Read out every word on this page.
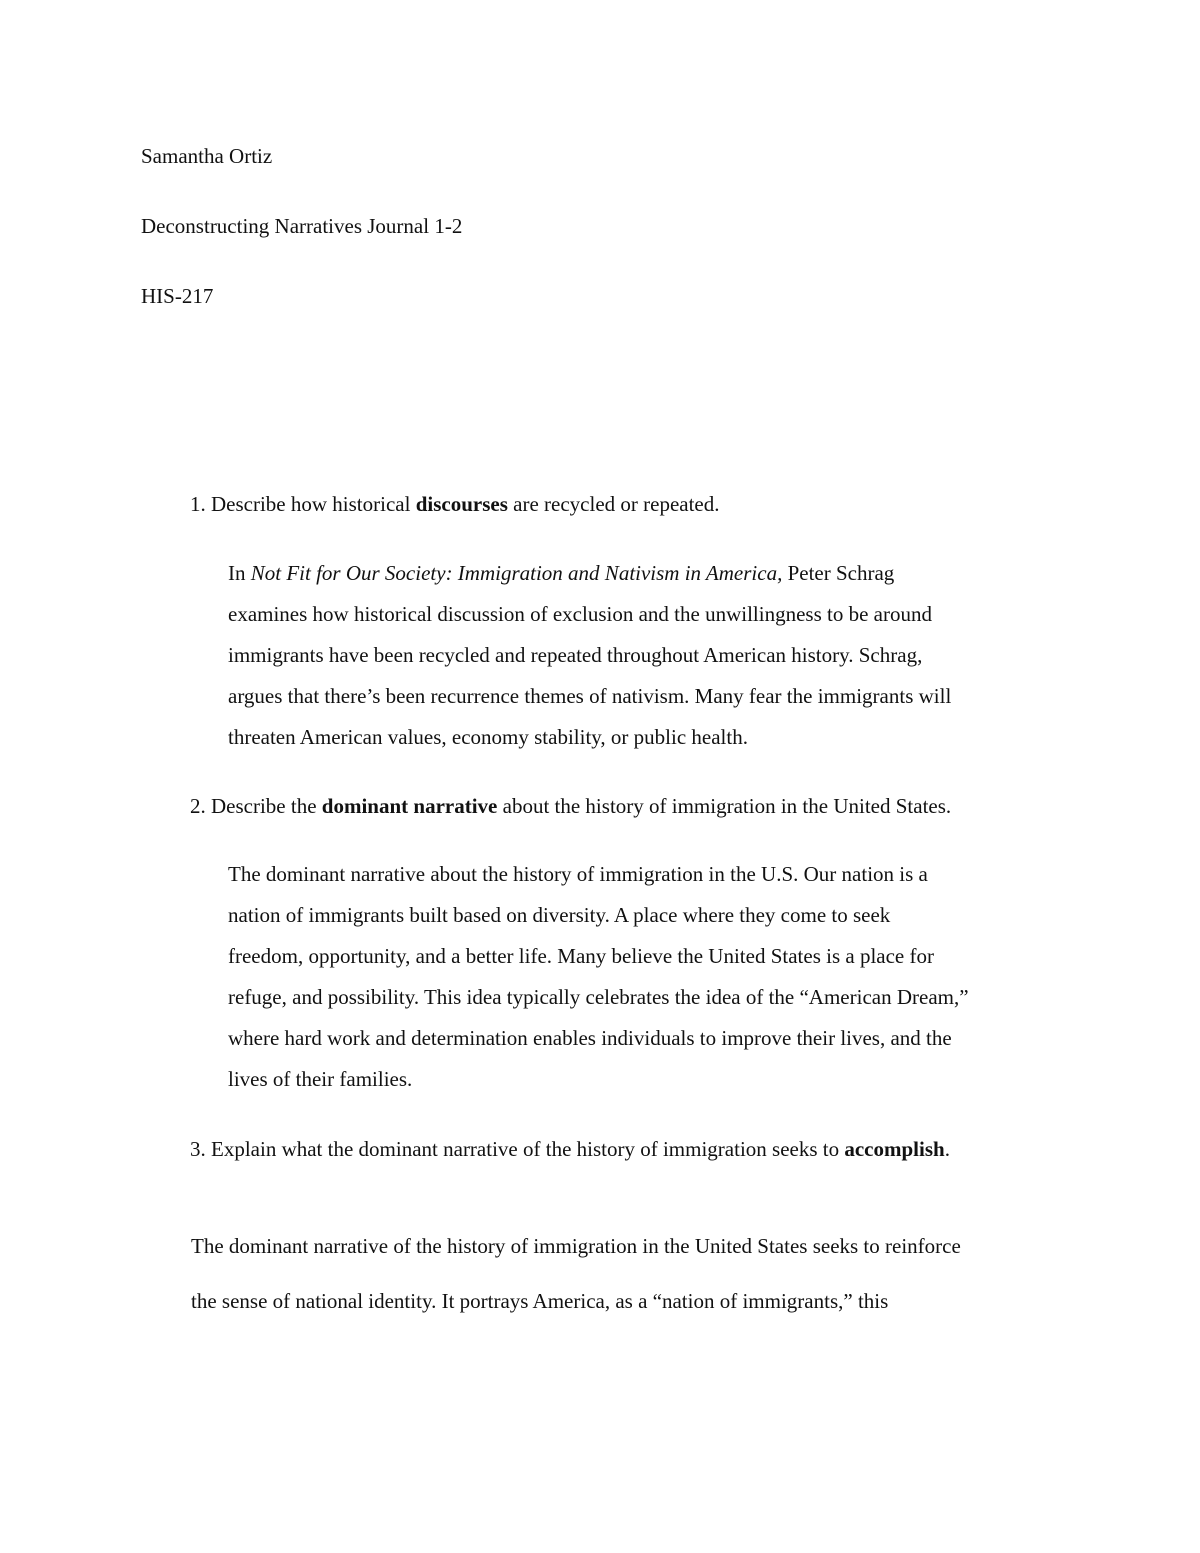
Samantha Ortiz
Deconstructing Narratives Journal 1-2
HIS-217
1. Describe how historical discourses are recycled or repeated.
In Not Fit for Our Society: Immigration and Nativism in America, Peter Schrag
examines how historical discussion of exclusion and the unwillingness to be around
immigrants have been recycled and repeated throughout American history. Schrag,
argues that there’s been recurrence themes of nativism. Many fear the immigrants will
threaten American values, economy stability, or public health.
2. Describe the dominant narrative about the history of immigration in the United States.
The dominant narrative about the history of immigration in the U.S. Our nation is a
nation of immigrants built based on diversity. A place where they come to seek
freedom, opportunity, and a better life. Many believe the United States is a place for
refuge, and possibility. This idea typically celebrates the idea of the “American Dream,”
where hard work and determination enables individuals to improve their lives, and the
lives of their families.
3. Explain what the dominant narrative of the history of immigration seeks to accomplish.
The dominant narrative of the history of immigration in the United States seeks to reinforce
the sense of national identity. It portrays America, as a “nation of immigrants,” this
